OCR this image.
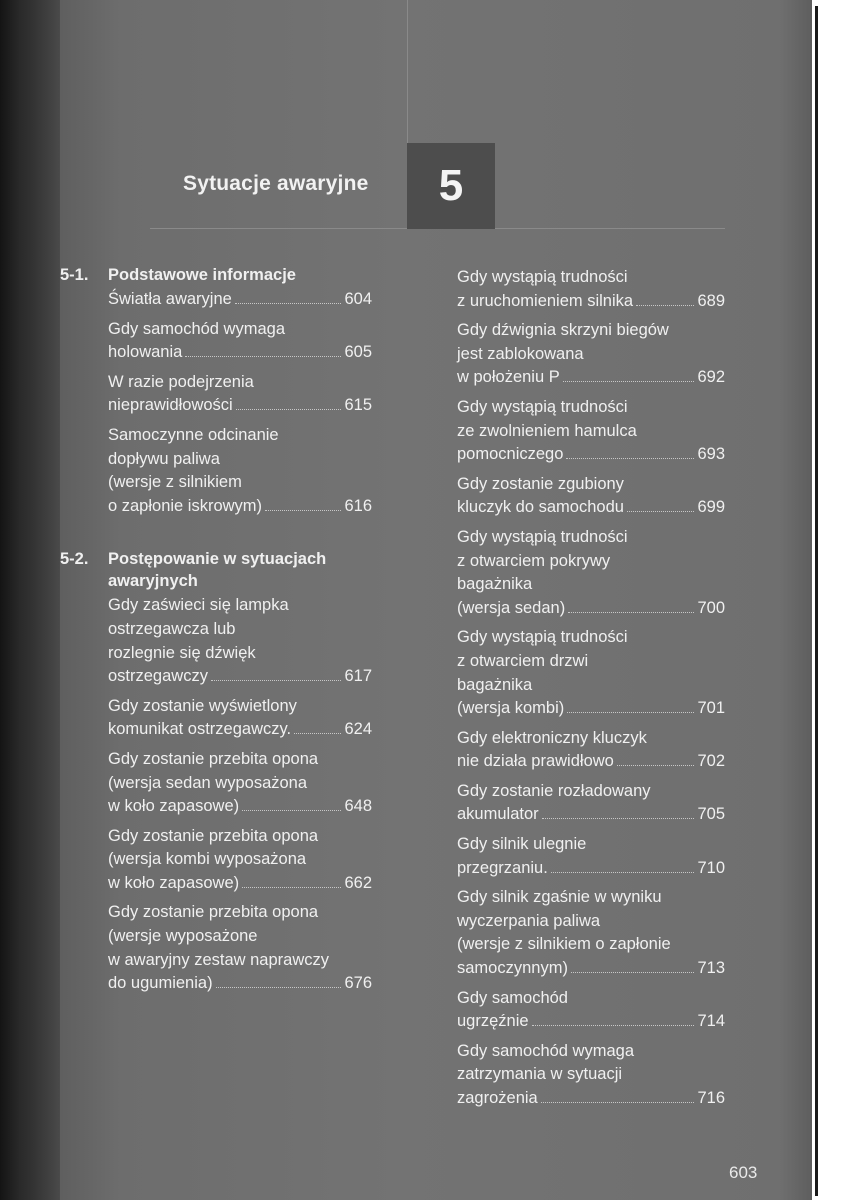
Sytuacje awaryjne	5
5-1.	Podstawowe informacje
Światła awaryjne	604
Gdy samochód wymaga
holowania	605
W razie podejrzenia
nieprawidłowości	615
Samoczynne odcinanie
dopływu paliwa
(wersje z silnikiem
o zapłonie iskrowym)	616
5-2.	Postępowanie w sytuacjach
awaryjnych
Gdy zaświeci się lampka
ostrzegawcza lub
rozlegnie się dźwięk
ostrzegawczy	617
Gdy zostanie wyświetlony
komunikat ostrzegawczy.	624
Gdy zostanie przebita opona
(wersja sedan wyposażona
w koło zapasowe)	648
Gdy zostanie przebita opona
(wersja kombi wyposażona
w koło zapasowe)	662
Gdy zostanie przebita opona
(wersje wyposażone
w awaryjny zestaw naprawczy
do ugumienia)	676
Gdy wystąpią trudności
z uruchomieniem silnika	689
Gdy dźwignia skrzyni biegów
jest zablokowana
w położeniu P	692
Gdy wystąpią trudności
ze zwolnieniem hamulca
pomocniczego	693
Gdy zostanie zgubiony
kluczyk do samochodu	699
Gdy wystąpią trudności
z otwarciem pokrywy
bagażnika
(wersja sedan)	700
Gdy wystąpią trudności
z otwarciem drzwi
bagażnika
(wersja kombi)	701
Gdy elektroniczny kluczyk
nie działa prawidłowo	702
Gdy zostanie rozładowany
akumulator	705
Gdy silnik ulegnie
przegrzaniu.	710
Gdy silnik zgaśnie w wyniku
wyczerpania paliwa
(wersje z silnikiem o zapłonie
samoczynnym)	713
Gdy samochód
ugrzęźnie	714
Gdy samochód wymaga
zatrzymania w sytuacji
zagrożenia	716
603
